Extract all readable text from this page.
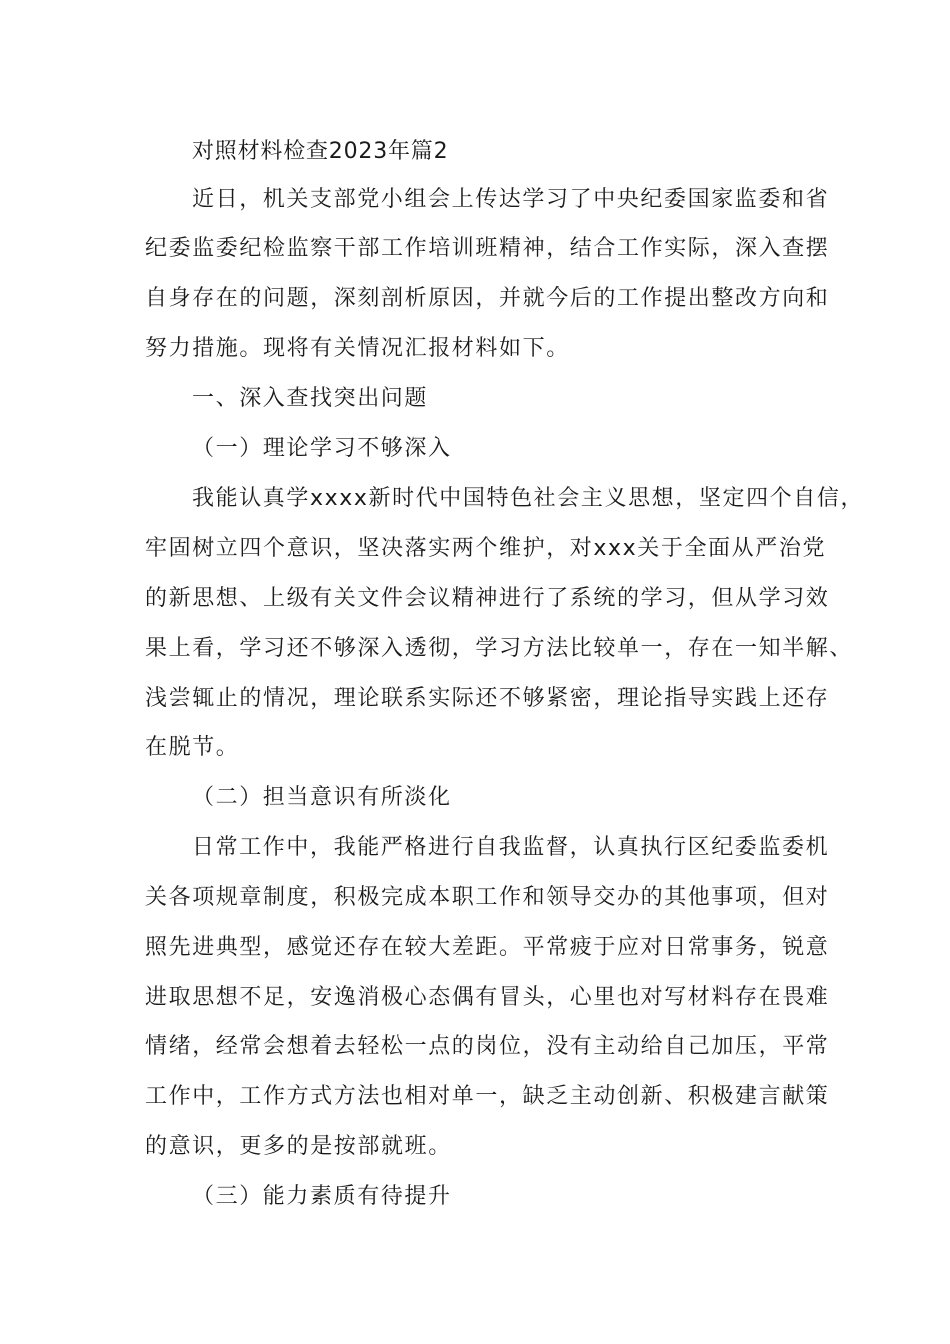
对照材料检查2023年篇2
近日，机关支部党小组会上传达学习了中央纪委国家监委和省
纪委监委纪检监察干部工作培训班精神，结合工作实际，深入查摆
自身存在的问题，深刻剖析原因，并就今后的工作提出整改方向和
努力措施。现将有关情况汇报材料如下。
一、深入查找突出问题
（一）理论学习不够深入
我能认真学xxxx新时代中国特色社会主义思想，坚定四个自信，
牢固树立四个意识，坚决落实两个维护，对xxx关于全面从严治党
的新思想、上级有关文件会议精神进行了系统的学习，但从学习效
果上看，学习还不够深入透彻，学习方法比较单一，存在一知半解、
浅尝辄止的情况，理论联系实际还不够紧密，理论指导实践上还存
在脱节。
（二）担当意识有所淡化
日常工作中，我能严格进行自我监督，认真执行区纪委监委机
关各项规章制度，积极完成本职工作和领导交办的其他事项，但对
照先进典型，感觉还存在较大差距。平常疲于应对日常事务，锐意
进取思想不足，安逸消极心态偶有冒头，心里也对写材料存在畏难
情绪，经常会想着去轻松一点的岗位，没有主动给自己加压，平常
工作中，工作方式方法也相对单一，缺乏主动创新、积极建言献策
的意识，更多的是按部就班。
（三）能力素质有待提升
